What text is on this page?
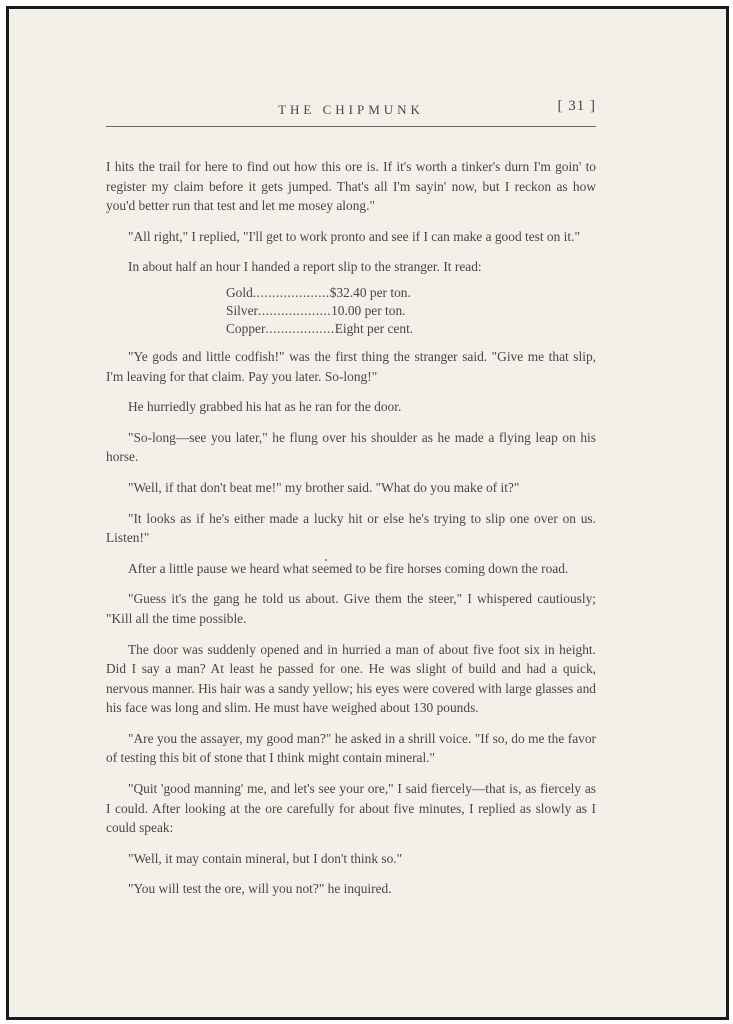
THE CHIPMUNK	[ 31 ]

I hits the trail for here to find out how this ore is. If it's worth a tinker's durn I'm goin' to register my claim before it gets jumped. That's all I'm sayin' now, but I reckon as how you'd better run that test and let me mosey along."

"All right," I replied, "I'll get to work pronto and see if I can make a good test on it."

In about half an hour I handed a report slip to the stranger. It read:

Gold .................... $32.40 per ton.
Silver ................... 10.00 per ton.
Copper .................. Eight per cent.

"Ye gods and little codfish!" was the first thing the stranger said. "Give me that slip, I'm leaving for that claim. Pay you later. So-long!"

He hurriedly grabbed his hat as he ran for the door.

"So-long—see you later," he flung over his shoulder as he made a flying leap on his horse.

"Well, if that don't beat me!" my brother said. "What do you make of it?"

"It looks as if he's either made a lucky hit or else he's trying to slip one over on us. Listen!"

After a little pause we heard what seemed to be fire horses coming down the road.

"Guess it's the gang he told us about. Give them the steer," I whispered cautiously; "Kill all the time possible.

The door was suddenly opened and in hurried a man of about five foot six in height. Did I say a man? At least he passed for one. He was slight of build and had a quick, nervous manner. His hair was a sandy yellow; his eyes were covered with large glasses and his face was long and slim. He must have weighed about 130 pounds.

"Are you the assayer, my good man?" he asked in a shrill voice. "If so, do me the favor of testing this bit of stone that I think might contain mineral."

"Quit 'good manning' me, and let's see your ore," I said fiercely—that is, as fiercely as I could. After looking at the ore carefully for about five minutes, I replied as slowly as I could speak:

"Well, it may contain mineral, but I don't think so."

"You will test the ore, will you not?" he inquired.
